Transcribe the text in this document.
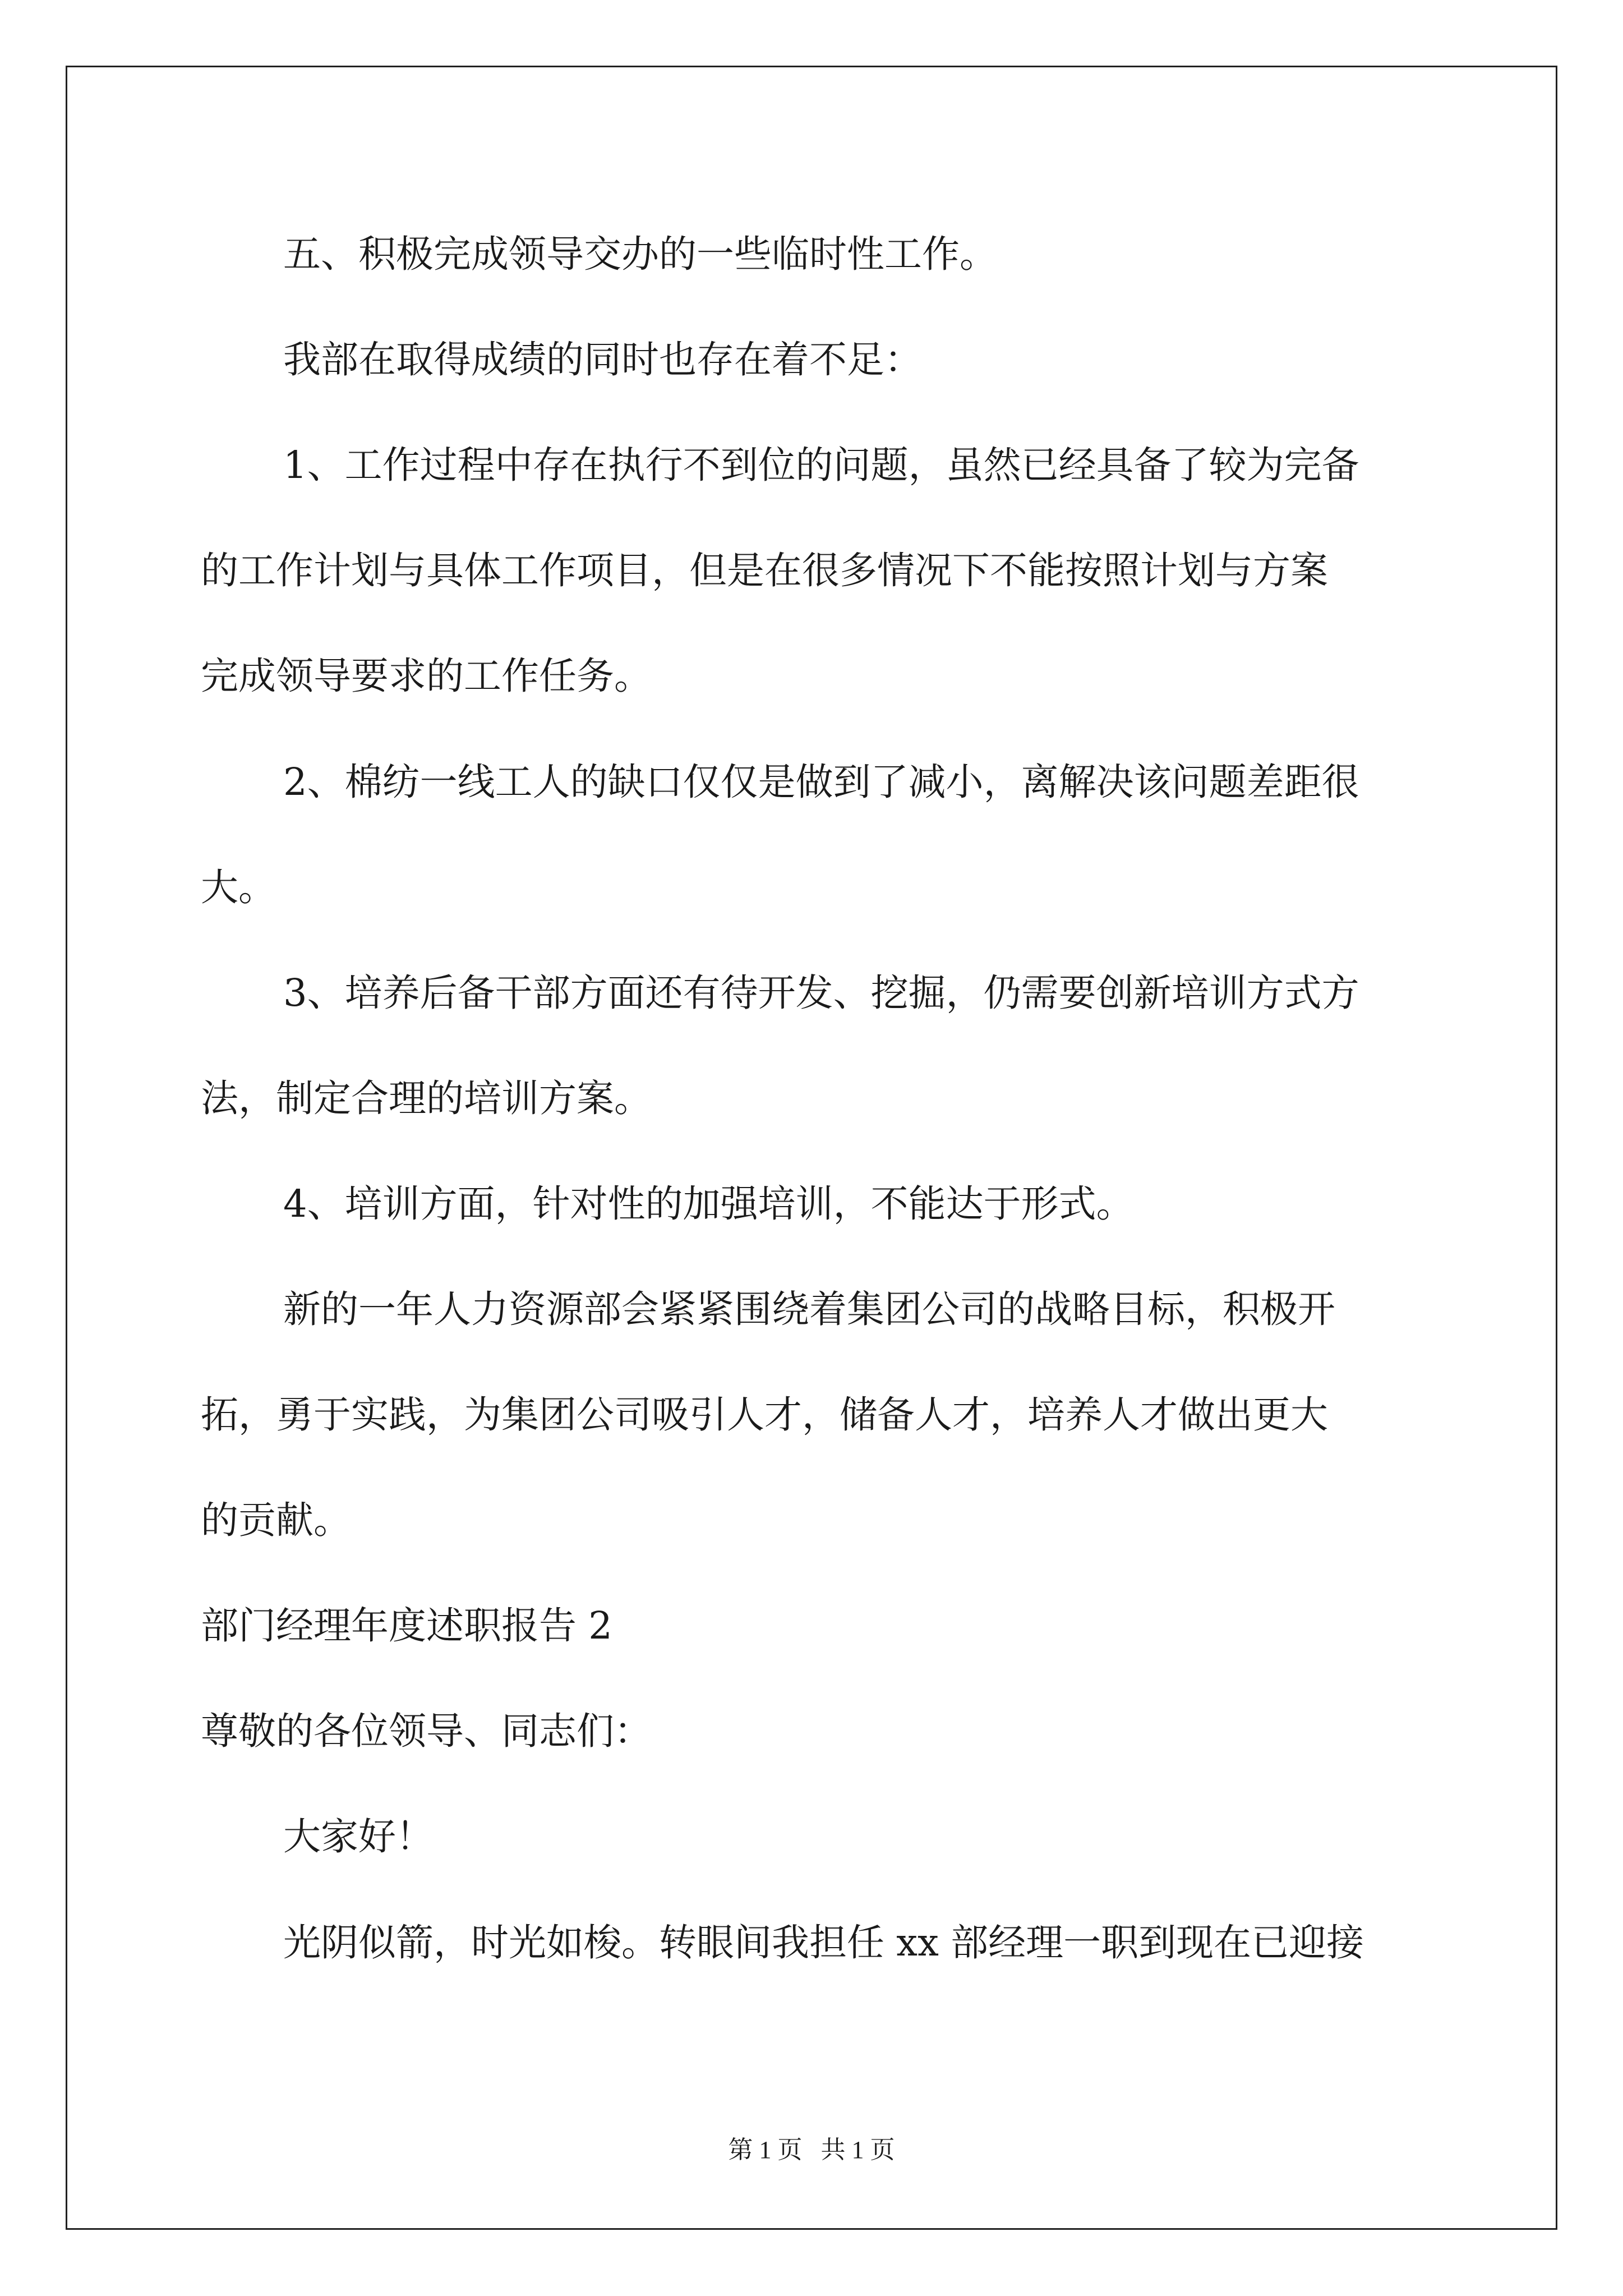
五、积极完成领导交办的一些临时性工作。
我部在取得成绩的同时也存在着不足：
1、工作过程中存在执行不到位的问题，虽然已经具备了较为完备
的工作计划与具体工作项目，但是在很多情况下不能按照计划与方案
完成领导要求的工作任务。
2、棉纺一线工人的缺口仅仅是做到了减小，离解决该问题差距很
大。
3、培养后备干部方面还有待开发、挖掘，仍需要创新培训方式方
法，制定合理的培训方案。
4、培训方面，针对性的加强培训，不能达于形式。
新的一年人力资源部会紧紧围绕着集团公司的战略目标，积极开
拓，勇于实践，为集团公司吸引人才，储备人才，培养人才做出更大
的贡献。
部门经理年度述职报告 2
尊敬的各位领导、同志们：
大家好！
光阴似箭，时光如梭。转眼间我担任 xx 部经理一职到现在已迎接
第 1 页   共 1 页
